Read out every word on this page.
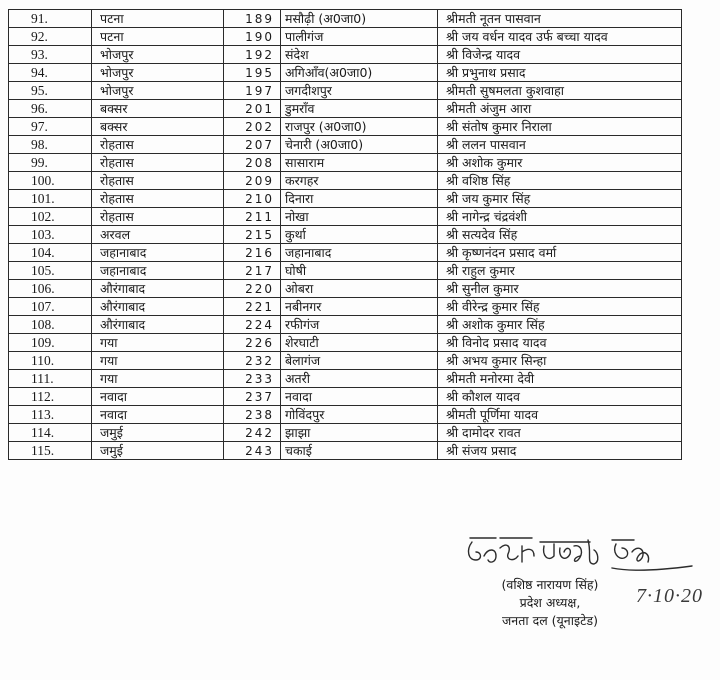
91.	पटना	189	मसौढ़ी (अ0जा0)	श्रीमती नूतन पासवान
92.	पटना	190	पालीगंज	श्री जय वर्धन यादव उर्फ बच्चा यादव
93.	भोजपुर	192	संदेश	श्री विजेन्द्र यादव
94.	भोजपुर	195	अगिआँव(अ0जा0)	श्री प्रभुनाथ प्रसाद
95.	भोजपुर	197	जगदीशपुर	श्रीमती सुषमलता कुशवाहा
96.	बक्सर	201	डुमराँव	श्रीमती अंजुम आरा
97.	बक्सर	202	राजपुर (अ0जा0)	श्री संतोष कुमार निराला
98.	रोहतास	207	चेनारी (अ0जा0)	श्री ललन पासवान
99.	रोहतास	208	सासाराम	श्री अशोक कुमार
100.	रोहतास	209	करगहर	श्री वशिष्ठ सिंह
101.	रोहतास	210	दिनारा	श्री जय कुमार सिंह
102.	रोहतास	211	नोखा	श्री नागेन्द्र चंद्रवंशी
103.	अरवल	215	कुर्था	श्री सत्यदेव सिंह
104.	जहानाबाद	216	जहानाबाद	श्री कृष्णनंदन प्रसाद वर्मा
105.	जहानाबाद	217	घोषी	श्री राहुल कुमार
106.	औरंगाबाद	220	ओबरा	श्री सुनील कुमार
107.	औरंगाबाद	221	नबीनगर	श्री वीरेन्द्र कुमार सिंह
108.	औरंगाबाद	224	रफीगंज	श्री अशोक कुमार सिंह
109.	गया	226	शेरघाटी	श्री विनोद प्रसाद यादव
110.	गया	232	बेलागंज	श्री अभय कुमार सिन्हा
111.	गया	233	अतरी	श्रीमती मनोरमा देवी
112.	नवादा	237	नवादा	श्री कौशल यादव
113.	नवादा	238	गोविंदपुर	श्रीमती पूर्णिमा यादव
114.	जमुई	242	झाझा	श्री दामोदर रावत
115.	जमुई	243	चकाई	श्री संजय प्रसाद
(वशिष्ठ नारायण सिंह)
प्रदेश अध्यक्ष,
जनता दल (यूनाइटेड)
7·10·20
